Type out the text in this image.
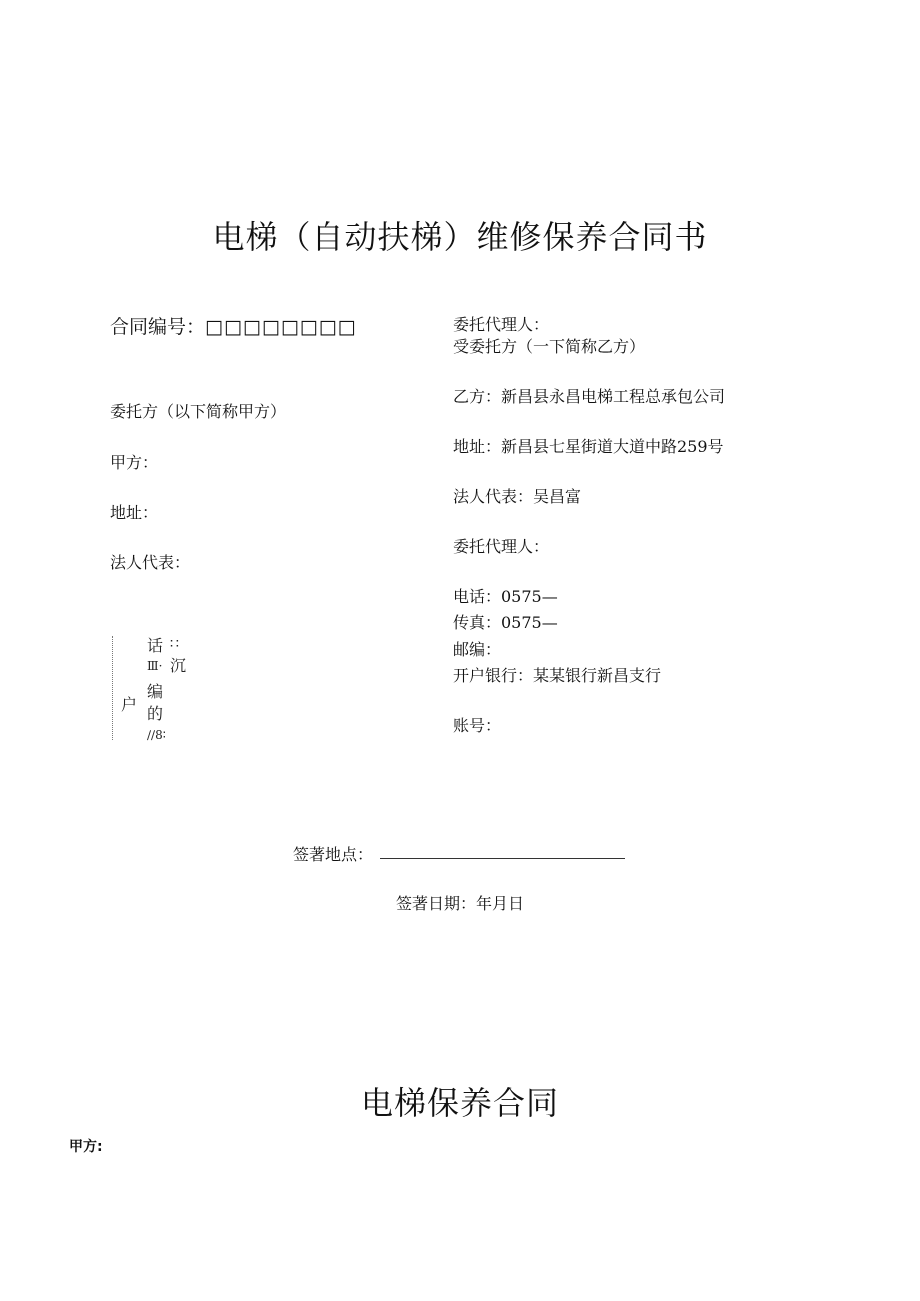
电梯（自动扶梯）维修保养合同书
合同编号：□□□□□□□□
委托方（以下简称甲方）
甲方：
地址：
法人代表：
话 ∷
沉
Ⅲ·
编
户 的
∕∕8∶
委托代理人：
受委托方（一下简称乙方）
乙方：新昌县永昌电梯工程总承包公司
地址：新昌县七星街道大道中路259号
法人代表：吴昌富
委托代理人：
电话：0575—
传真：0575—
邮编：
开户银行：某某银行新昌支行
账号：
签著地点：
签著日期：年月日
电梯保养合同
甲方:
